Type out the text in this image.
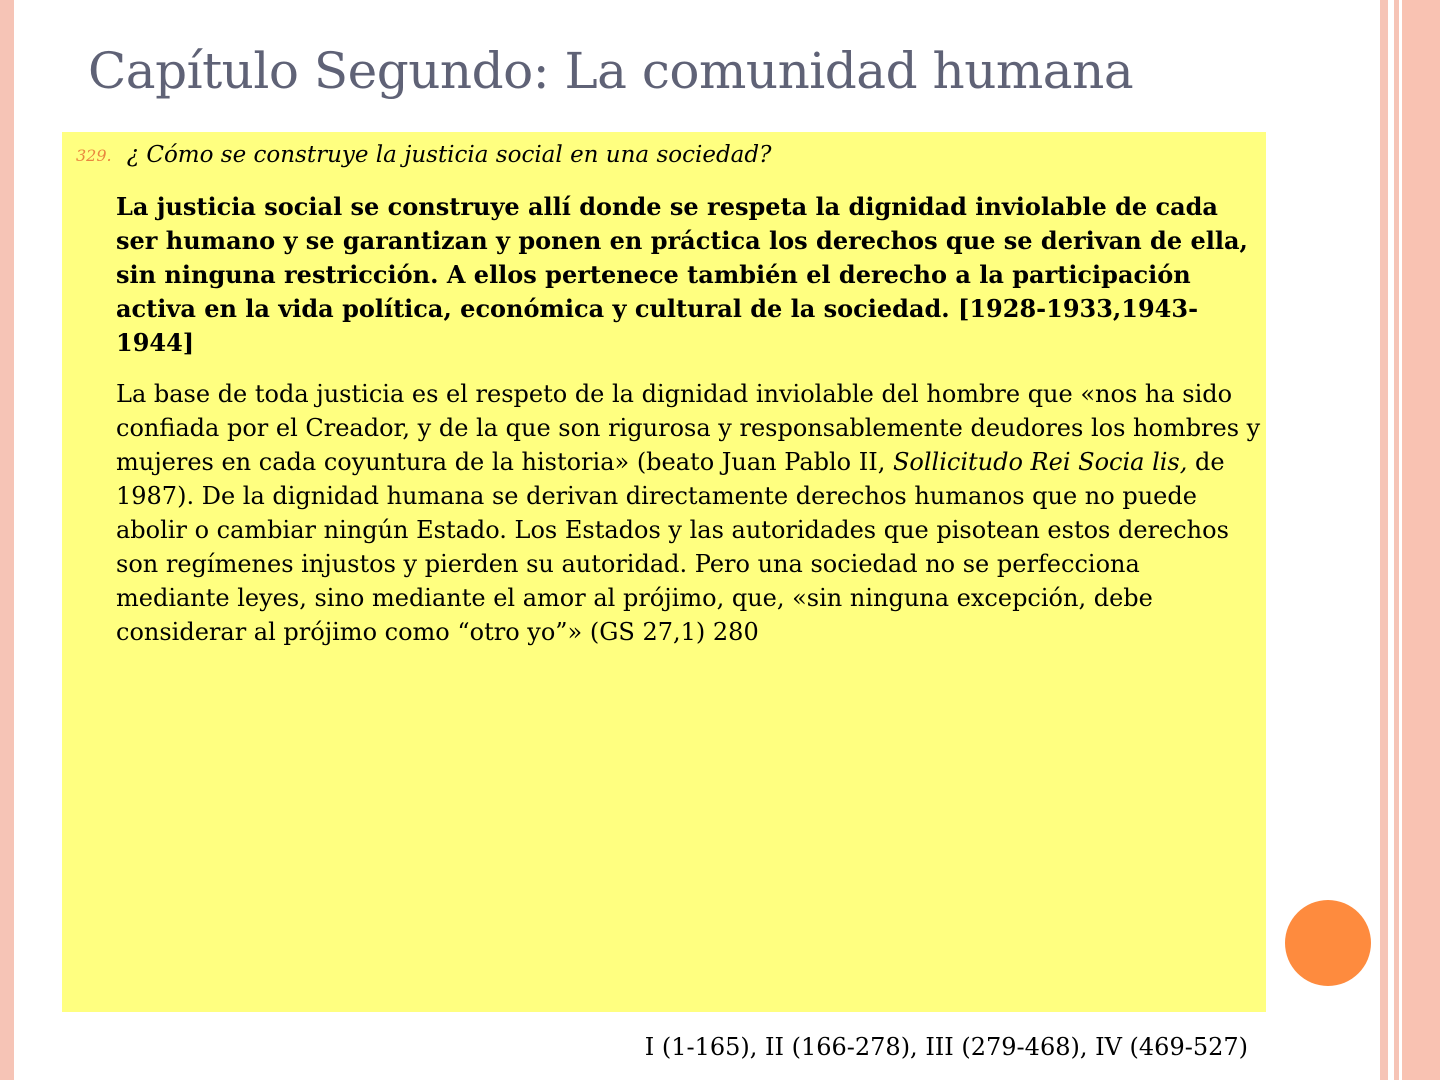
Capítulo Segundo: La comunidad humana
329. ¿ Cómo se construye la justicia social en una sociedad?

La justicia social se construye allí donde se respeta la dignidad inviolable de cada ser humano y se garantizan y ponen en práctica los derechos que se derivan de ella, sin ninguna restricción. A ellos pertenece también el derecho a la participación activa en la vida política, económica y cultural de la sociedad. [1928-1933,1943-1944]

La base de toda justicia es el respeto de la dignidad inviolable del hombre que «nos ha sido confiada por el Creador, y de la que son rigurosa y responsablemente deudores los hombres y mujeres en cada coyuntura de la historia» (beato Juan Pablo II, Sollicitudo Rei Socia lis, de 1987). De la dignidad humana se derivan directamente derechos humanos que no puede abolir o cambiar ningún Estado. Los Estados y las autoridades que pisotean estos derechos son regímenes injustos y pierden su autoridad. Pero una sociedad no se perfecciona mediante leyes, sino mediante el amor al prójimo, que, «sin ninguna excepción, debe considerar al prójimo como “otro yo”» (GS 27,1) 280

I (1-165), II (166-278), III (279-468), IV (469-527)
